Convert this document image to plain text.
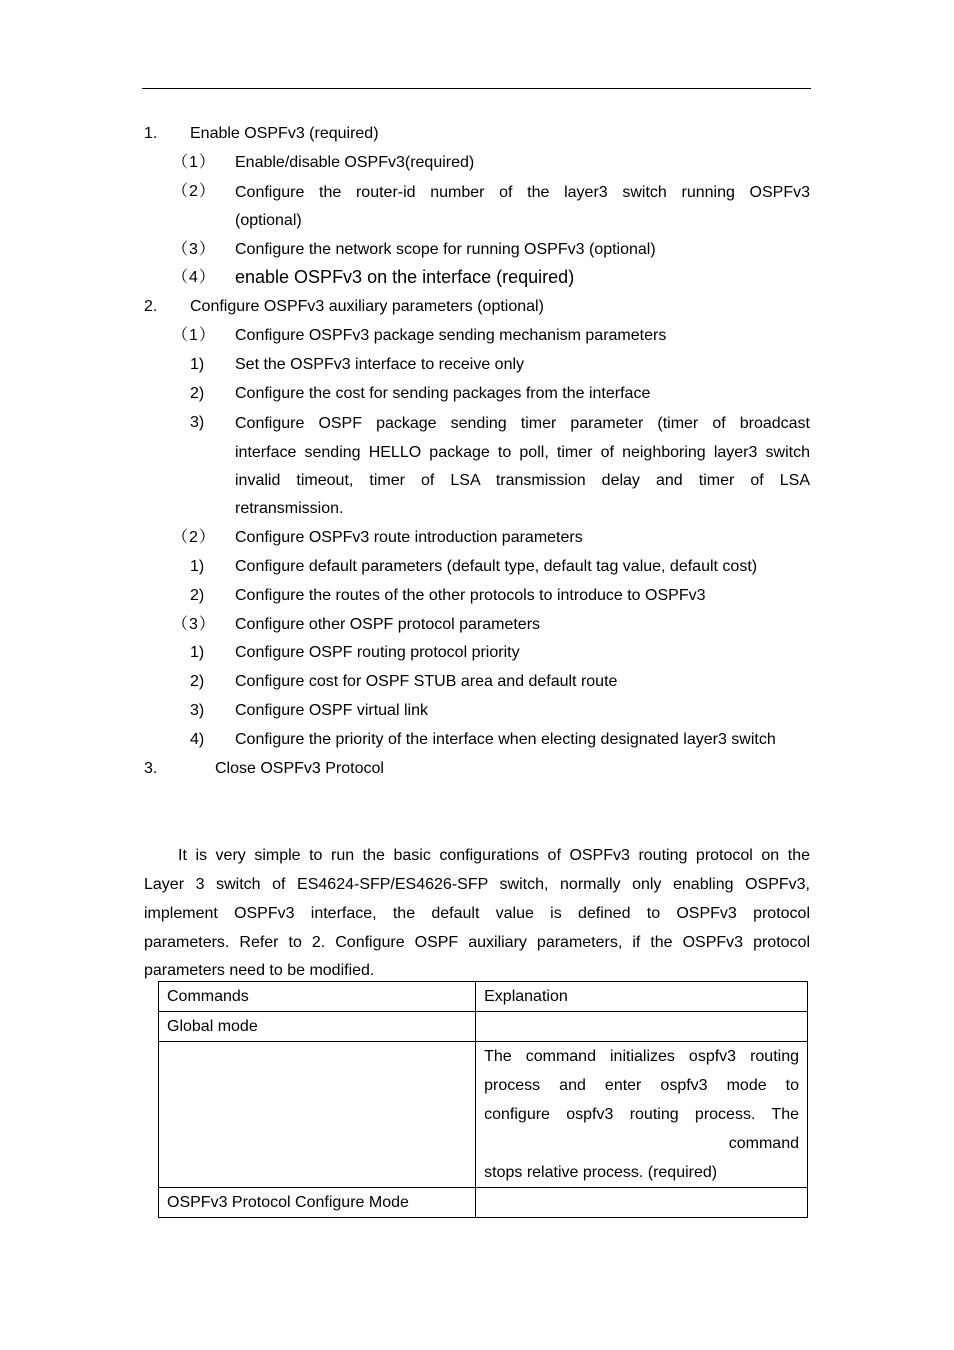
1. Enable OSPFv3 (required)
（1） Enable/disable OSPFv3(required)
（2） Configure the router-id number of the layer3 switch running OSPFv3
(optional)
（3） Configure the network scope for running OSPFv3 (optional)
（4） enable OSPFv3 on the interface (required)
2. Configure OSPFv3 auxiliary parameters (optional)
（1） Configure OSPFv3 package sending mechanism parameters
1) Set the OSPFv3 interface to receive only
2) Configure the cost for sending packages from the interface
3) Configure OSPF package sending timer parameter (timer of broadcast
interface sending HELLO package to poll, timer of neighboring layer3 switch
invalid timeout, timer of LSA transmission delay and timer of LSA
retransmission.
（2） Configure OSPFv3 route introduction parameters
1) Configure default parameters (default type, default tag value, default cost)
2) Configure the routes of the other protocols to introduce to OSPFv3
（3） Configure other OSPF protocol parameters
1) Configure OSPF routing protocol priority
2) Configure cost for OSPF STUB area and default route
3) Configure OSPF virtual link
4) Configure the priority of the interface when electing designated layer3 switch
3.	Close OSPFv3 Protocol
It is very simple to run the basic configurations of OSPFv3 routing protocol on the
Layer 3 switch of ES4624-SFP/ES4626-SFP switch, normally only enabling OSPFv3,
implement OSPFv3 interface, the default value is defined to OSPFv3 protocol
parameters. Refer to 2. Configure OSPF auxiliary parameters, if the OSPFv3 protocol
parameters need to be modified.
Commands	Explanation
Global mode	

	The command initializes ospfv3 routing
process and enter ospfv3 mode to
configure ospfv3 routing process. The
command
stops relative process. (required)

OSPFv3 Protocol Configure Mode	
